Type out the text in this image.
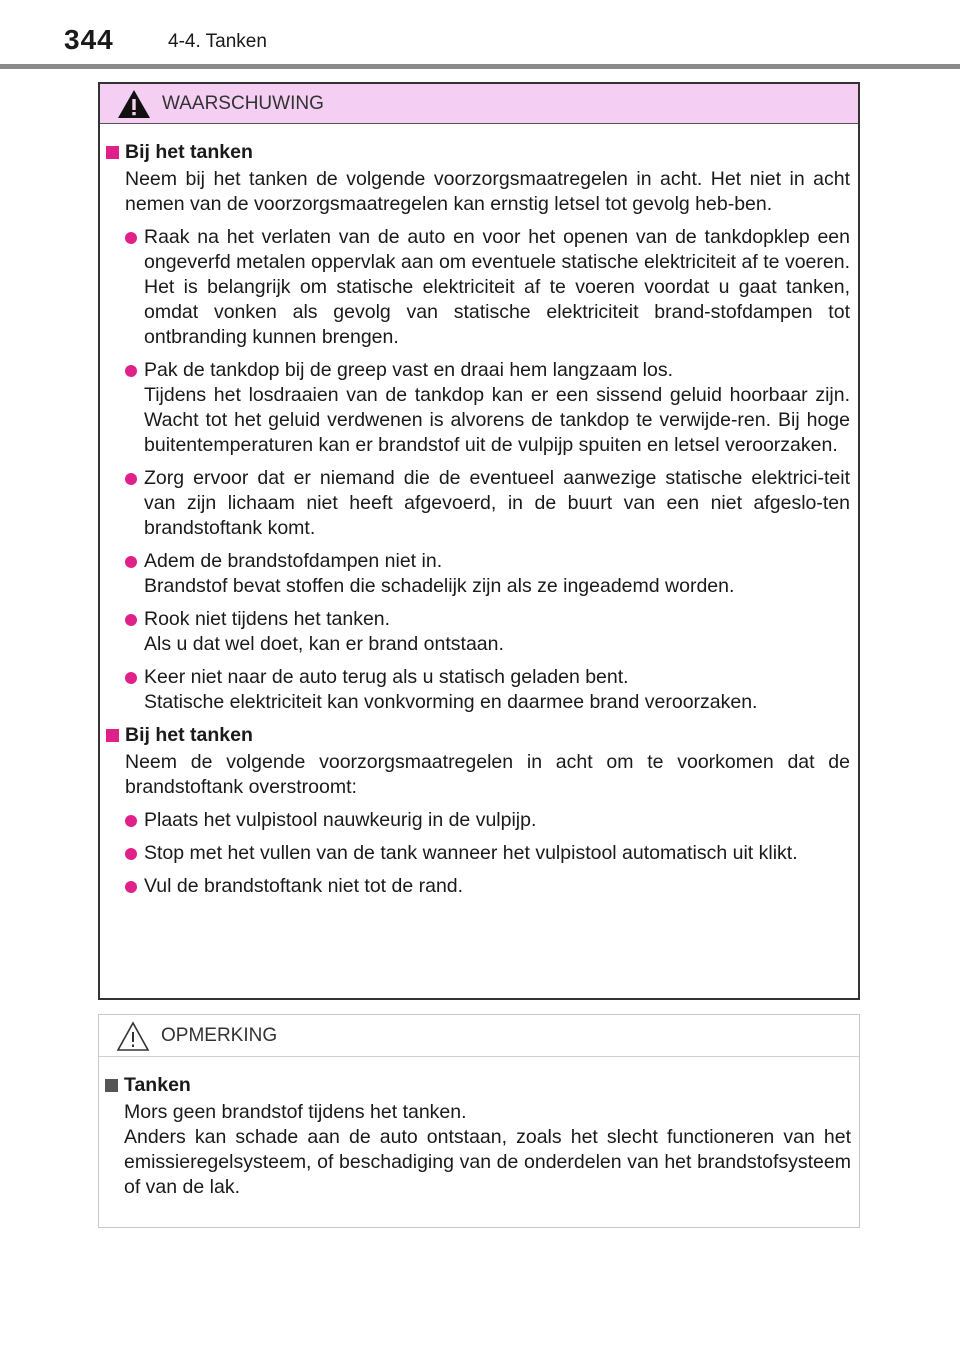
344	4-4. Tanken
WAARSCHUWING
Bij het tanken
Neem bij het tanken de volgende voorzorgsmaatregelen in acht. Het niet in acht nemen van de voorzorgsmaatregelen kan ernstig letsel tot gevolg heb-ben.
Raak na het verlaten van de auto en voor het openen van de tankdopklep een ongeverfd metalen oppervlak aan om eventuele statische elektriciteit af te voeren. Het is belangrijk om statische elektriciteit af te voeren voordat u gaat tanken, omdat vonken als gevolg van statische elektriciteit brand-stofdampen tot ontbranding kunnen brengen.
Pak de tankdop bij de greep vast en draai hem langzaam los.
Tijdens het losdraaien van de tankdop kan er een sissend geluid hoorbaar zijn. Wacht tot het geluid verdwenen is alvorens de tankdop te verwijde-ren. Bij hoge buitentemperaturen kan er brandstof uit de vulpijp spuiten en letsel veroorzaken.
Zorg ervoor dat er niemand die de eventueel aanwezige statische elektrici-teit van zijn lichaam niet heeft afgevoerd, in de buurt van een niet afgeslo-ten brandstoftank komt.
Adem de brandstofdampen niet in.
Brandstof bevat stoffen die schadelijk zijn als ze ingeademd worden.
Rook niet tijdens het tanken.
Als u dat wel doet, kan er brand ontstaan.
Keer niet naar de auto terug als u statisch geladen bent.
Statische elektriciteit kan vonkvorming en daarmee brand veroorzaken.
Bij het tanken
Neem de volgende voorzorgsmaatregelen in acht om te voorkomen dat de brandstoftank overstroomt:
Plaats het vulpistool nauwkeurig in de vulpijp.
Stop met het vullen van de tank wanneer het vulpistool automatisch uit klikt.
Vul de brandstoftank niet tot de rand.
OPMERKING
Tanken
Mors geen brandstof tijdens het tanken.
Anders kan schade aan de auto ontstaan, zoals het slecht functioneren van het emissieregelsysteem, of beschadiging van de onderdelen van het brandstofsysteem of van de lak.
